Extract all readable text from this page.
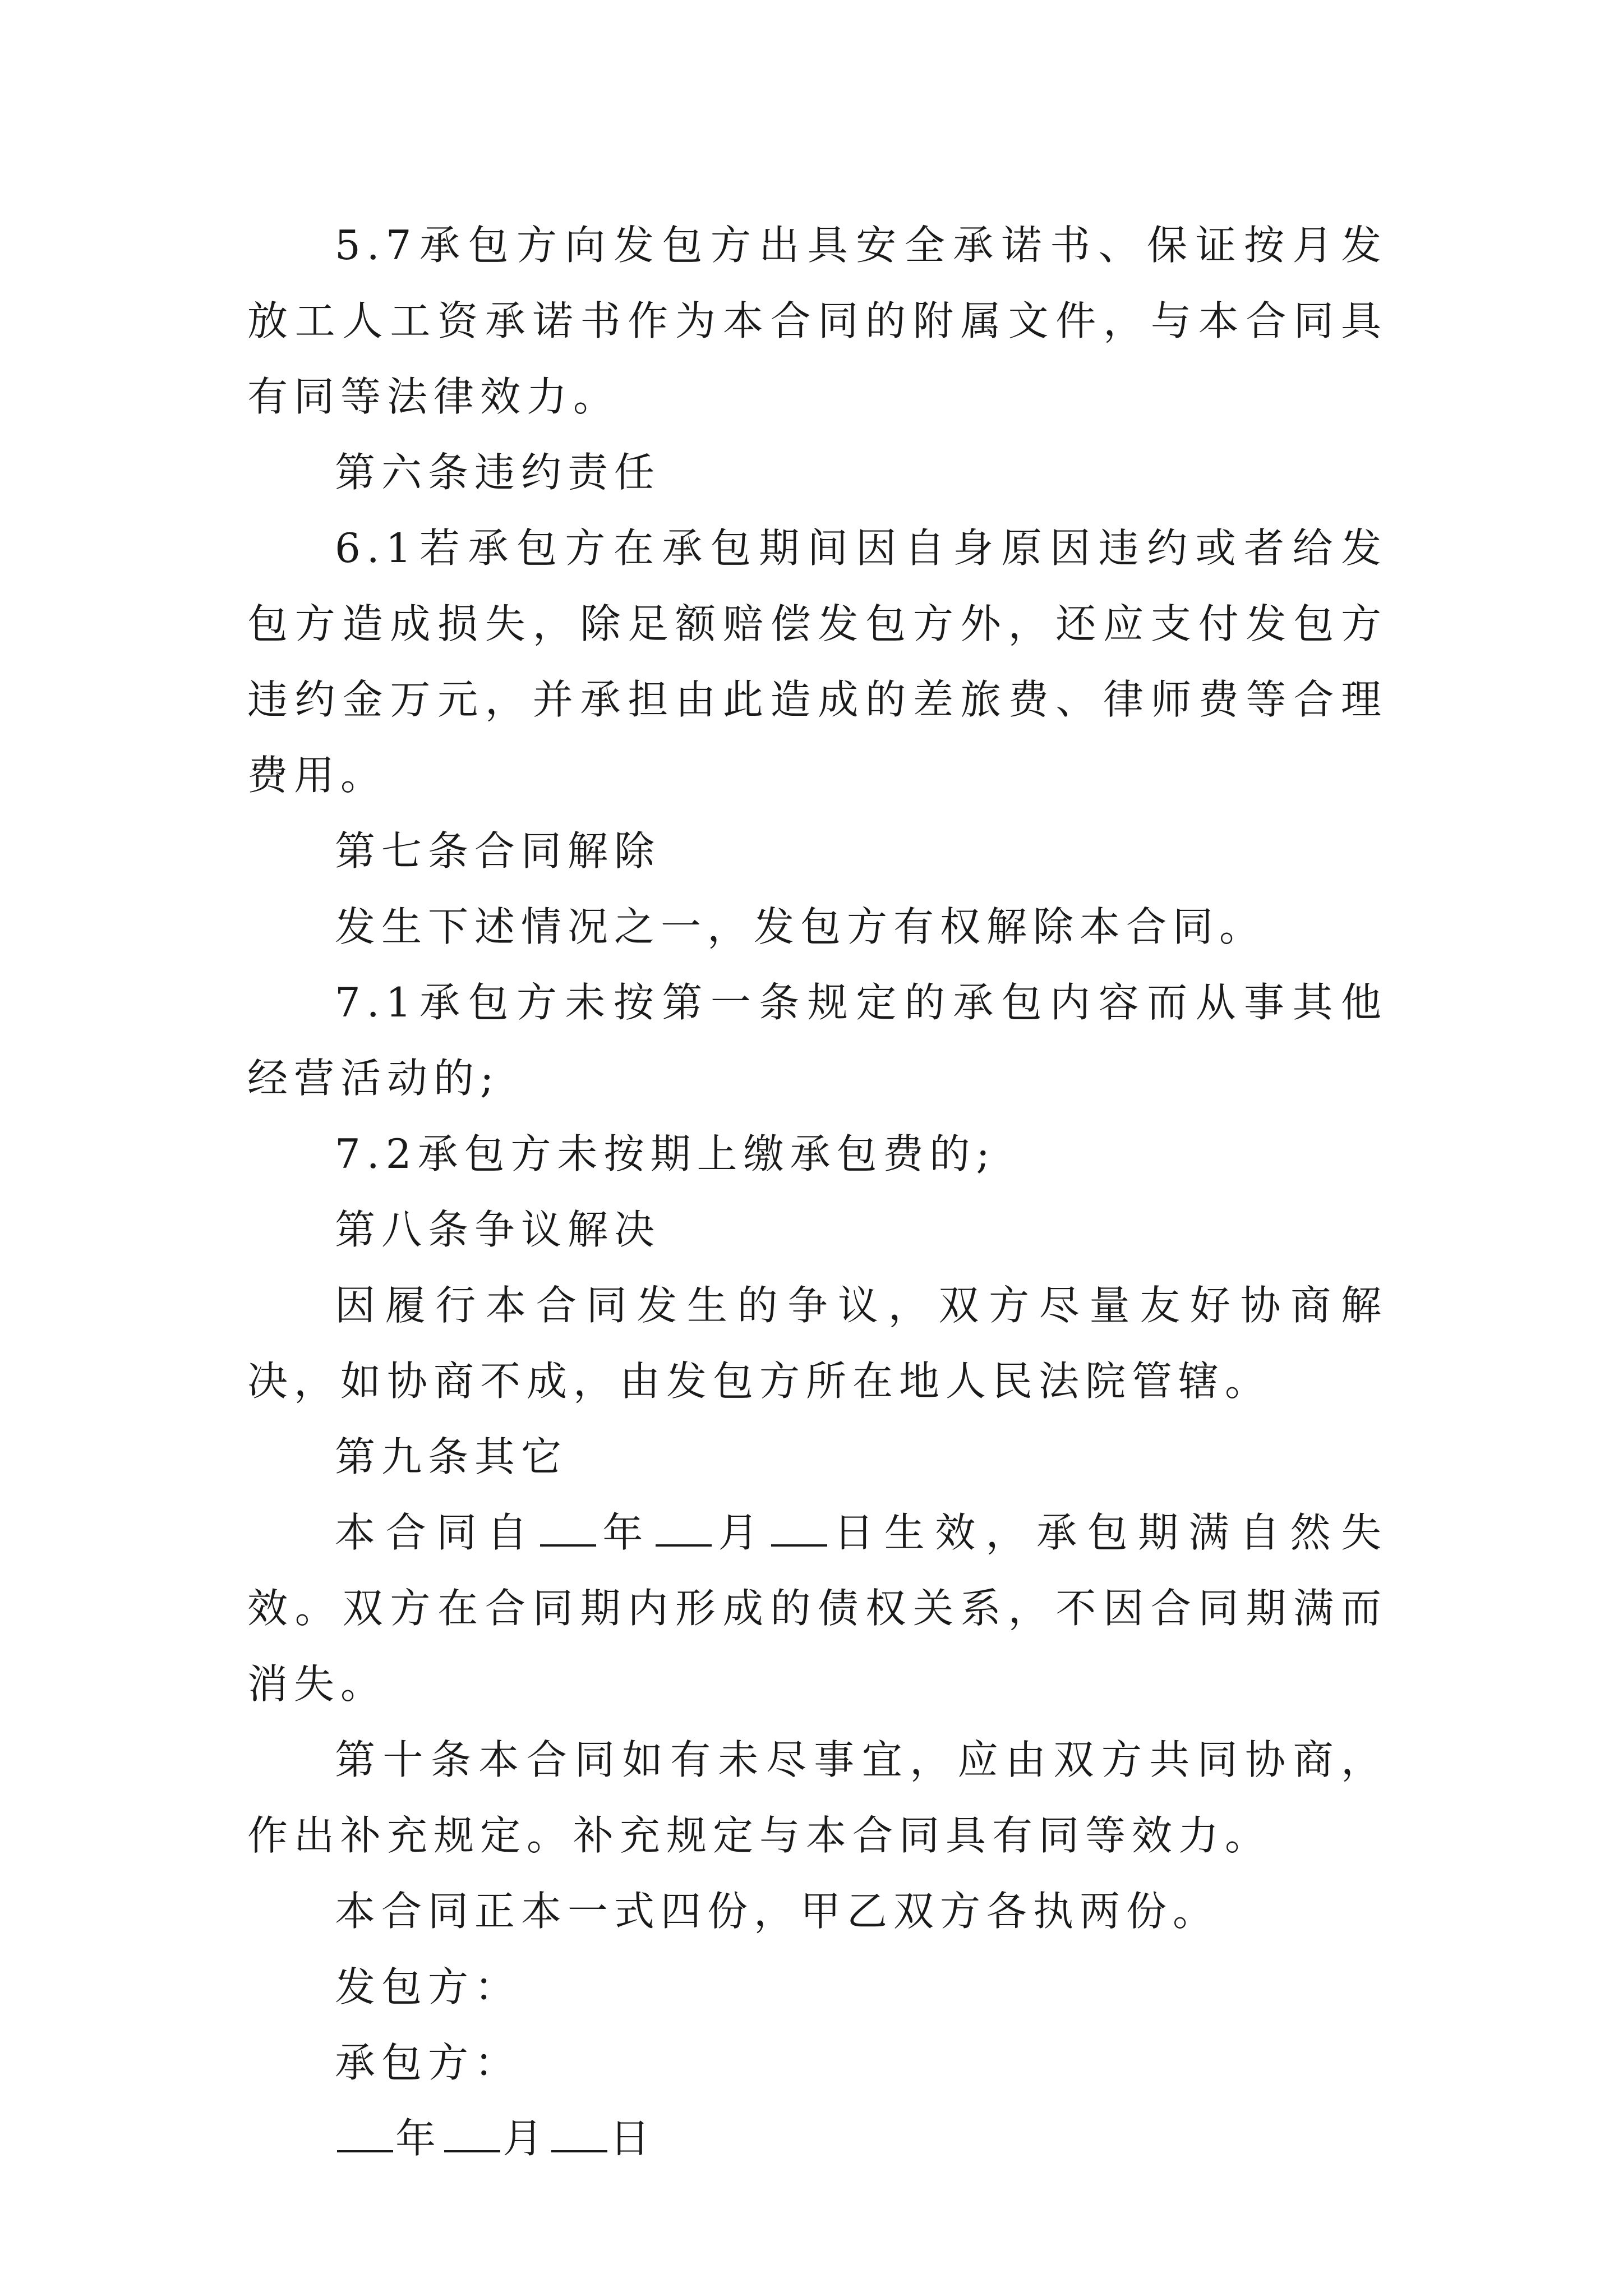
5.7承包方向发包方出具安全承诺书、保证按月发放工人工资承诺书作为本合同的附属文件，与本合同具有同等法律效力。

第六条违约责任

6.1若承包方在承包期间因自身原因违约或者给发包方造成损失，除足额赔偿发包方外，还应支付发包方违约金万元，并承担由此造成的差旅费、律师费等合理费用。

第七条合同解除

发生下述情况之一，发包方有权解除本合同。

7.1承包方未按第一条规定的承包内容而从事其他经营活动的;

7.2承包方未按期上缴承包费的;

第八条争议解决

因履行本合同发生的争议，双方尽量友好协商解决，如协商不成，由发包方所在地人民法院管辖。

第九条其它

本合同自 年 月 日生效，承包期满自然失效。双方在合同期内形成的债权关系，不因合同期满而消失。

第十条本合同如有未尽事宜，应由双方共同协商，作出补充规定。补充规定与本合同具有同等效力。

本合同正本一式四份，甲乙双方各执两份。

发包方：

承包方：

年 月 日
